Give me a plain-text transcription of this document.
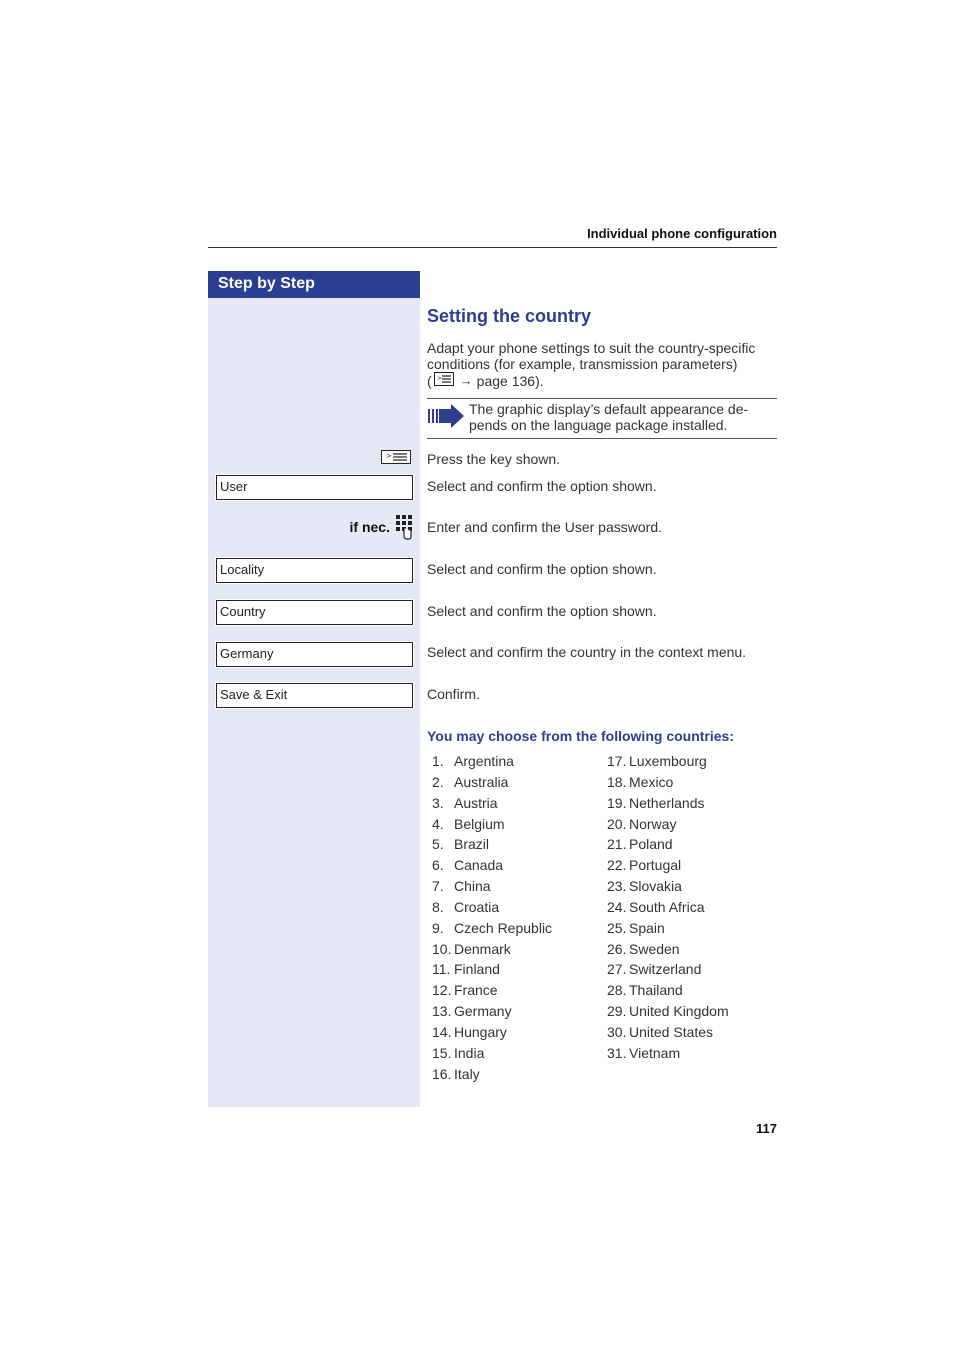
Individual phone configuration
Step by Step
Setting the country
Adapt your phone settings to suit the country-specific
conditions (for example, transmission parameters)
( > → page 136).
The graphic display’s default appearance de-
pends on the language package installed.
>	Press the key shown.
User	Select and confirm the option shown.
if nec.	Enter and confirm the User password.
Locality	Select and confirm the option shown.
Country	Select and confirm the option shown.
Germany	Select and confirm the country in the context menu.
Save & Exit	Confirm.
You may choose from the following countries:
1. Argentina
2. Australia
3. Austria
4. Belgium
5. Brazil
6. Canada
7. China
8. Croatia
9. Czech Republic
10. Denmark
11. Finland
12. France
13. Germany
14. Hungary
15. India
16. Italy
17. Luxembourg
18. Mexico
19. Netherlands
20. Norway
21. Poland
22. Portugal
23. Slovakia
24. South Africa
25. Spain
26. Sweden
27. Switzerland
28. Thailand
29. United Kingdom
30. United States
31. Vietnam
117
